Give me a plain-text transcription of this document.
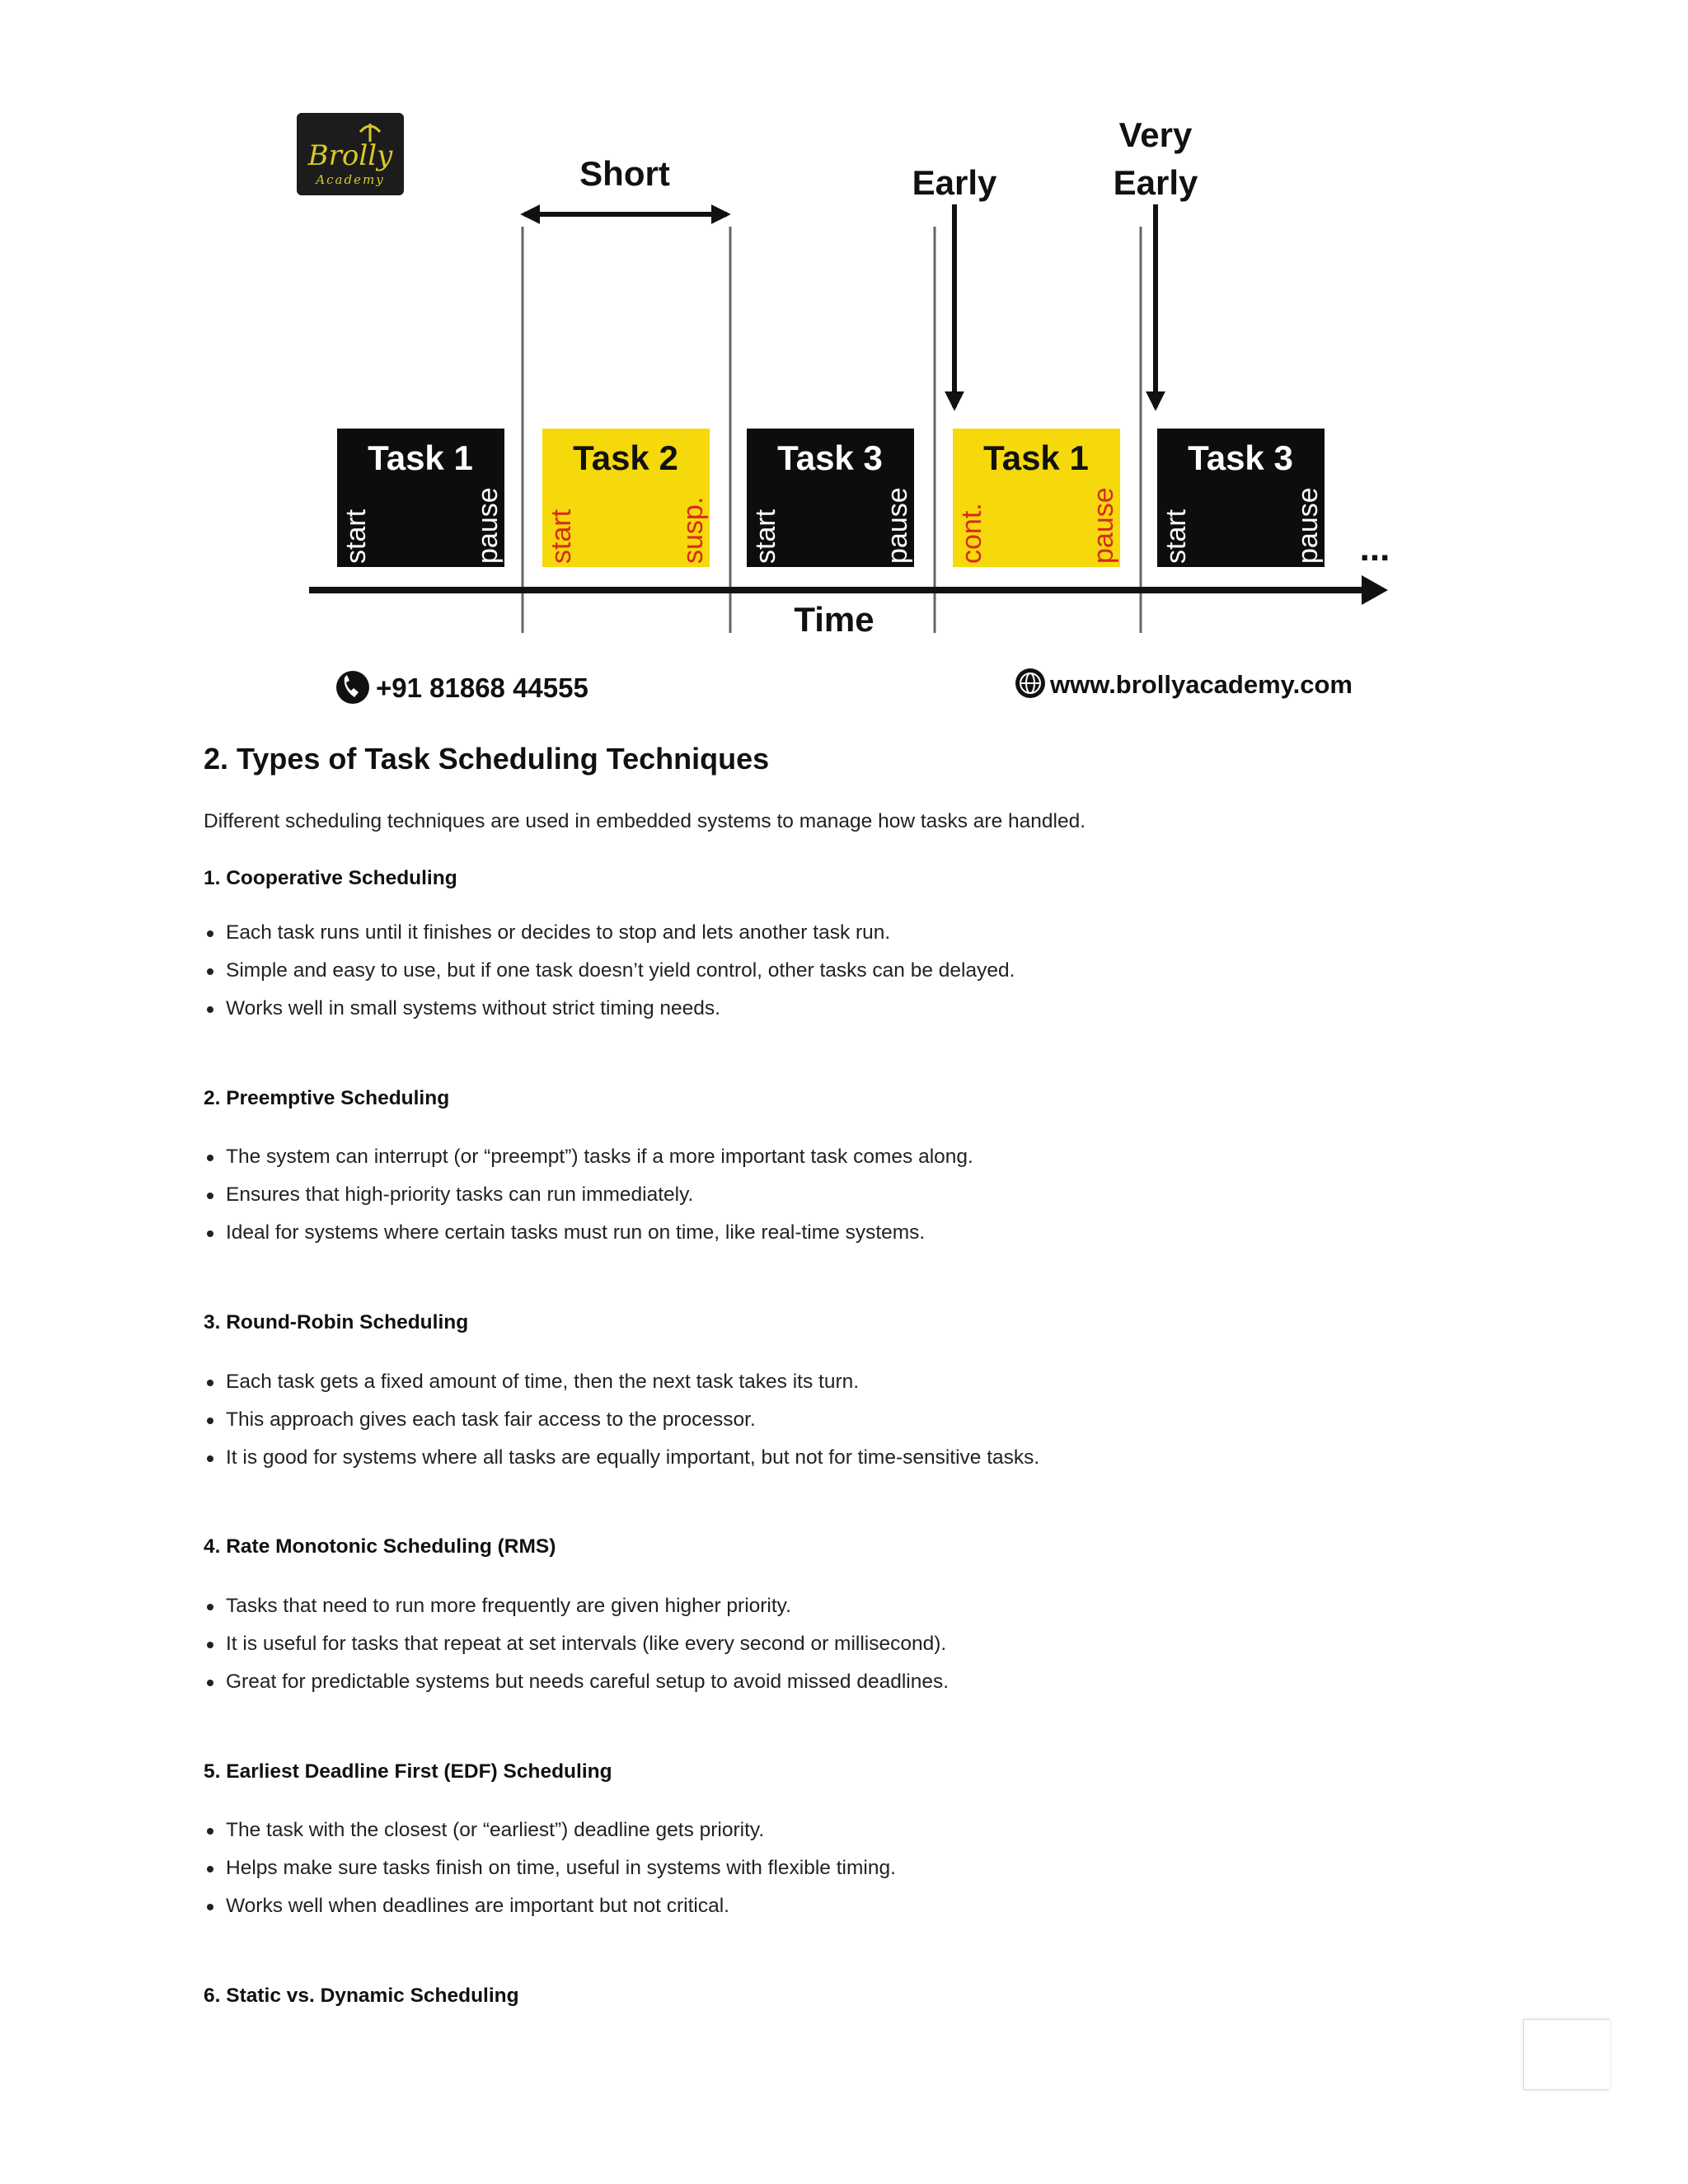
Brolly
Academy	Short	Early
Very
Early
Task 1
start	pause
Task 2
start	susp.
Task 3
start	pause
Task 1
cont.	pause
Task 3
start	pause ...
Time
+91 81868 44555	www.brollyacademy.com
2. Types of Task Scheduling Techniques

Different scheduling techniques are used in embedded systems to manage how tasks are handled.

1. Cooperative Scheduling

Each task runs until it finishes or decides to stop and lets another task run.
Simple and easy to use, but if one task doesn’t yield control, other tasks can be delayed.
Works well in small systems without strict timing needs.

2. Preemptive Scheduling

The system can interrupt (or “preempt”) tasks if a more important task comes along.
Ensures that high-priority tasks can run immediately.
Ideal for systems where certain tasks must run on time, like real-time systems.

3. Round-Robin Scheduling

Each task gets a fixed amount of time, then the next task takes its turn.
This approach gives each task fair access to the processor.
It is good for systems where all tasks are equally important, but not for time-sensitive tasks.

4. Rate Monotonic Scheduling (RMS)

Tasks that need to run more frequently are given higher priority.
It is useful for tasks that repeat at set intervals (like every second or millisecond).
Great for predictable systems but needs careful setup to avoid missed deadlines.

5. Earliest Deadline First (EDF) Scheduling

The task with the closest (or “earliest”) deadline gets priority.
Helps make sure tasks finish on time, useful in systems with flexible timing.
Works well when deadlines are important but not critical.

6. Static vs. Dynamic Scheduling
